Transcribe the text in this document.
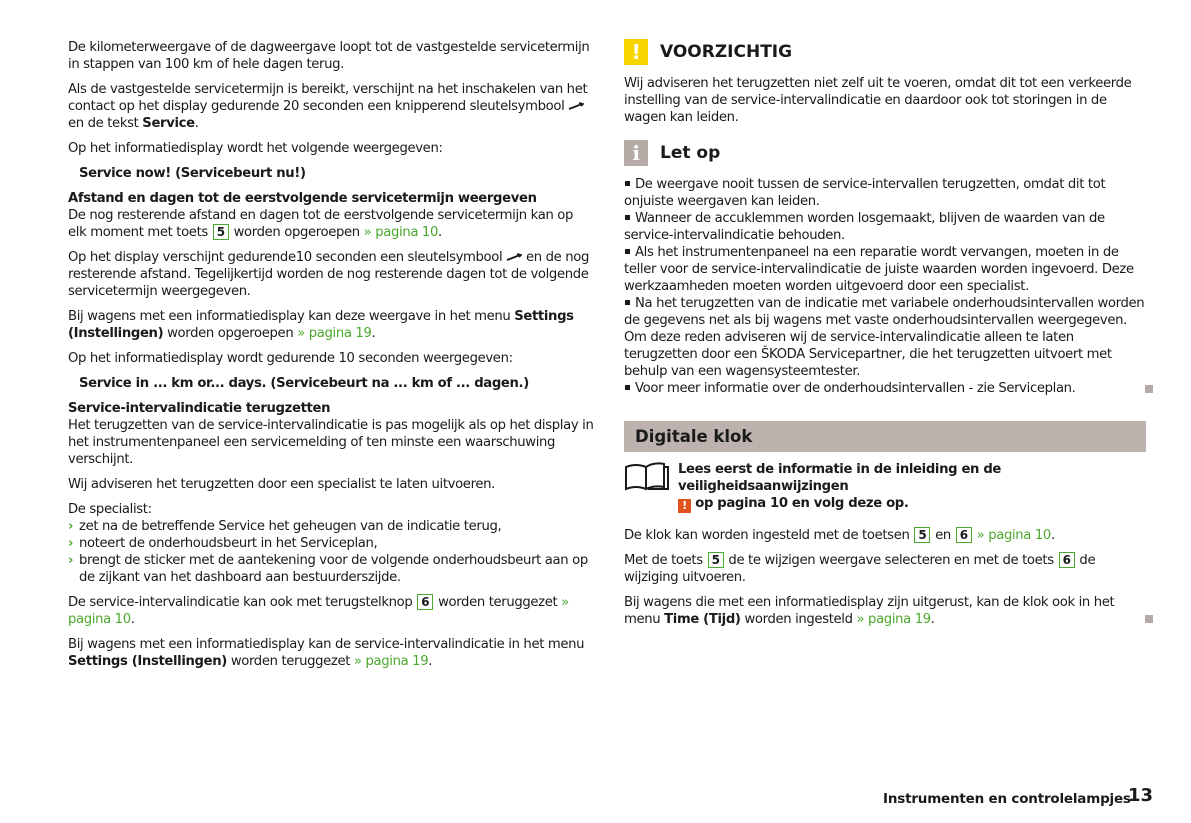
De kilometerweergave of de dagweergave loopt tot de vastgestelde servicetermijn in stappen van 100 km of hele dagen terug.

Als de vastgestelde servicetermijn is bereikt, verschijnt na het inschakelen van het contact op het display gedurende 20 seconden een knipperend sleutelsymbool  en de tekst Service.

Op het informatiedisplay wordt het volgende weergegeven:

Service now! (Servicebeurt nu!)

Afstand en dagen tot de eerstvolgende servicetermijn weergeven

De nog resterende afstand en dagen tot de eerstvolgende servicetermijn kan op elk moment met toets 5 worden opgeroepen » pagina 10.

Op het display verschijnt gedurende10 seconden een sleutelsymbool en de nog resterende afstand. Tegelijkertijd worden de nog resterende dagen tot de volgende servicetermijn weergegeven.

Bij wagens met een informatiedisplay kan deze weergave in het menu Settings (Instellingen) worden opgeroepen » pagina 19.

Op het informatiedisplay wordt gedurende 10 seconden weergegeven:

Service in ... km or... days. (Servicebeurt na ... km of ... dagen.)

Service-intervalindicatie terugzetten

Het terugzetten van de service-intervalindicatie is pas mogelijk als op het display in het instrumentenpaneel een servicemelding of ten minste een waarschuwing verschijnt.

Wij adviseren het terugzetten door een specialist te laten uitvoeren.

De specialist:
› zet na de betreffende Service het geheugen van de indicatie terug,
› noteert de onderhoudsbeurt in het Serviceplan,
› brengt de sticker met de aantekening voor de volgende onderhoudsbeurt aan op de zijkant van het dashboard aan bestuurderszijde.

De service-intervalindicatie kan ook met terugstelknop 6 worden teruggezet » pagina 10.

Bij wagens met een informatiedisplay kan de service-intervalindicatie in het menu Settings (Instellingen) worden teruggezet » pagina 19.

!	VOORZICHTIG

Wij adviseren het terugzetten niet zelf uit te voeren, omdat dit tot een verkeerde instelling van de service-intervalindicatie en daardoor ook tot storingen in de wagen kan leiden.

i	Let op
De weergave nooit tussen de service-intervallen terugzetten, omdat dit tot onjuiste weergaven kan leiden.
Wanneer de accuklemmen worden losgemaakt, blijven de waarden van de service-intervalindicatie behouden.
Als het instrumentenpaneel na een reparatie wordt vervangen, moeten in de teller voor de service-intervalindicatie de juiste waarden worden ingevoerd. Deze werkzaamheden moeten worden uitgevoerd door een specialist.
Na het terugzetten van de indicatie met variabele onderhoudsintervallen worden de gegevens net als bij wagens met vaste onderhoudsintervallen weergegeven. Om deze reden adviseren wij de service-intervalindicatie alleen te laten terugzetten door een ŠKODA Servicepartner, die het terugzetten uitvoert met behulp van een wagensysteemtester.
Voor meer informatie over de onderhoudsintervallen - zie Serviceplan.
Digitale klok
Lees eerst de informatie in de inleiding en de veiligheidsaanwijzingen
! op pagina 10 en volg deze op.

De klok kan worden ingesteld met de toetsen 5 en 6 » pagina 10.

Met de toets 5 de te wijzigen weergave selecteren en met de toets 6 de wijziging uitvoeren.

Bij wagens die met een informatiedisplay zijn uitgerust, kan de klok ook in het menu Time (Tijd) worden ingesteld » pagina 19.

Instrumenten en controlelampjes
13
